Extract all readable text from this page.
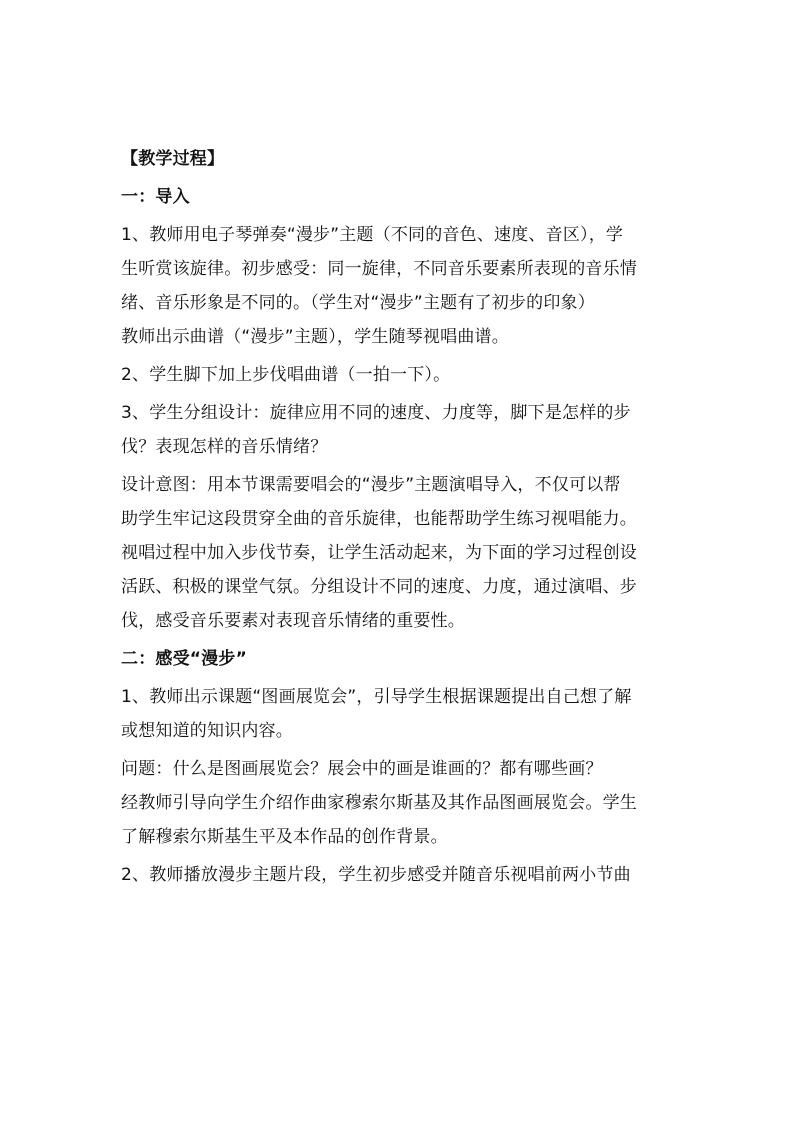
【教学过程】
一：导入
1、教师用电子琴弹奏“漫步”主题（不同的音色、速度、音区），学
生听赏该旋律。初步感受：同一旋律，不同音乐要素所表现的音乐情
绪、音乐形象是不同的。（学生对“漫步”主题有了初步的印象）
教师出示曲谱（“漫步”主题），学生随琴视唱曲谱。
2、学生脚下加上步伐唱曲谱（一拍一下）。
3、学生分组设计：旋律应用不同的速度、力度等，脚下是怎样的步
伐？表现怎样的音乐情绪？
设计意图：用本节课需要唱会的“漫步”主题演唱导入，不仅可以帮
助学生牢记这段贯穿全曲的音乐旋律，也能帮助学生练习视唱能力。
视唱过程中加入步伐节奏，让学生活动起来，为下面的学习过程创设
活跃、积极的课堂气氛。分组设计不同的速度、力度，通过演唱、步
伐，感受音乐要素对表现音乐情绪的重要性。
二：感受“漫步”
1、教师出示课题“图画展览会”，引导学生根据课题提出自己想了解
或想知道的知识内容。
问题：什么是图画展览会？展会中的画是谁画的？都有哪些画？
经教师引导向学生介绍作曲家穆索尔斯基及其作品图画展览会。学生
了解穆索尔斯基生平及本作品的创作背景。
2、教师播放漫步主题片段，学生初步感受并随音乐视唱前两小节曲
